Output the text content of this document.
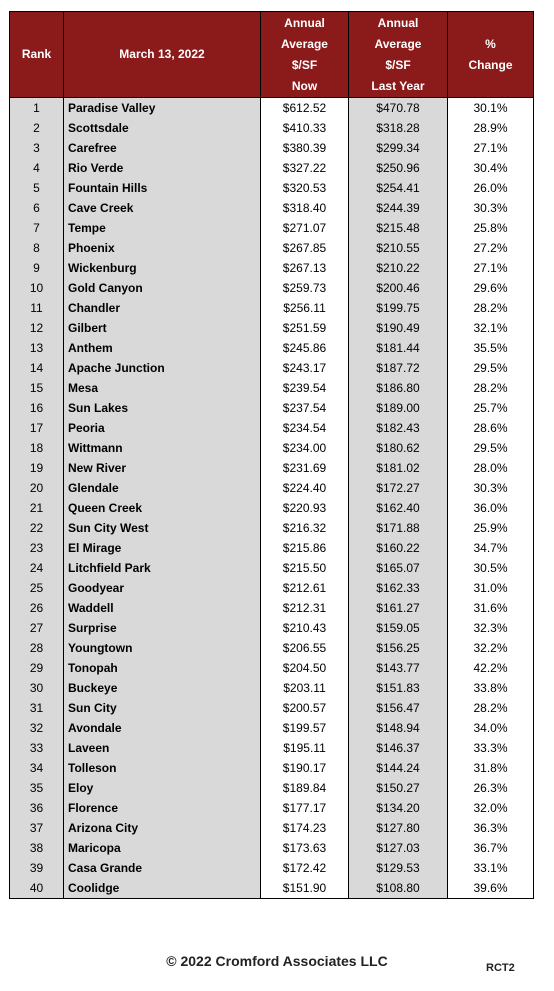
Rank	March 13, 2022	Annual
Average
$/SF
Now	Annual
Average
$/SF
Last Year	%
Change

1	Paradise Valley	$612.52	$470.78	30.1%
2	Scottsdale	$410.33	$318.28	28.9%
3	Carefree	$380.39	$299.34	27.1%
4	Rio Verde	$327.22	$250.96	30.4%
5	Fountain Hills	$320.53	$254.41	26.0%
6	Cave Creek	$318.40	$244.39	30.3%
7	Tempe	$271.07	$215.48	25.8%
8	Phoenix	$267.85	$210.55	27.2%
9	Wickenburg	$267.13	$210.22	27.1%
10	Gold Canyon	$259.73	$200.46	29.6%
11	Chandler	$256.11	$199.75	28.2%
12	Gilbert	$251.59	$190.49	32.1%
13	Anthem	$245.86	$181.44	35.5%
14	Apache Junction	$243.17	$187.72	29.5%
15	Mesa	$239.54	$186.80	28.2%
16	Sun Lakes	$237.54	$189.00	25.7%
17	Peoria	$234.54	$182.43	28.6%
18	Wittmann	$234.00	$180.62	29.5%
19	New River	$231.69	$181.02	28.0%
20	Glendale	$224.40	$172.27	30.3%
21	Queen Creek	$220.93	$162.40	36.0%
22	Sun City West	$216.32	$171.88	25.9%
23	El Mirage	$215.86	$160.22	34.7%
24	Litchfield Park	$215.50	$165.07	30.5%
25	Goodyear	$212.61	$162.33	31.0%
26	Waddell	$212.31	$161.27	31.6%
27	Surprise	$210.43	$159.05	32.3%
28	Youngtown	$206.55	$156.25	32.2%
29	Tonopah	$204.50	$143.77	42.2%
30	Buckeye	$203.11	$151.83	33.8%
31	Sun City	$200.57	$156.47	28.2%
32	Avondale	$199.57	$148.94	34.0%
33	Laveen	$195.11	$146.37	33.3%
34	Tolleson	$190.17	$144.24	31.8%
35	Eloy	$189.84	$150.27	26.3%
36	Florence	$177.17	$134.20	32.0%
37	Arizona City	$174.23	$127.80	36.3%
38	Maricopa	$173.63	$127.03	36.7%
39	Casa Grande	$172.42	$129.53	33.1%
40	Coolidge	$151.90	$108.80	39.6%
© 2022 Cromford Associates LLC	RCT2
